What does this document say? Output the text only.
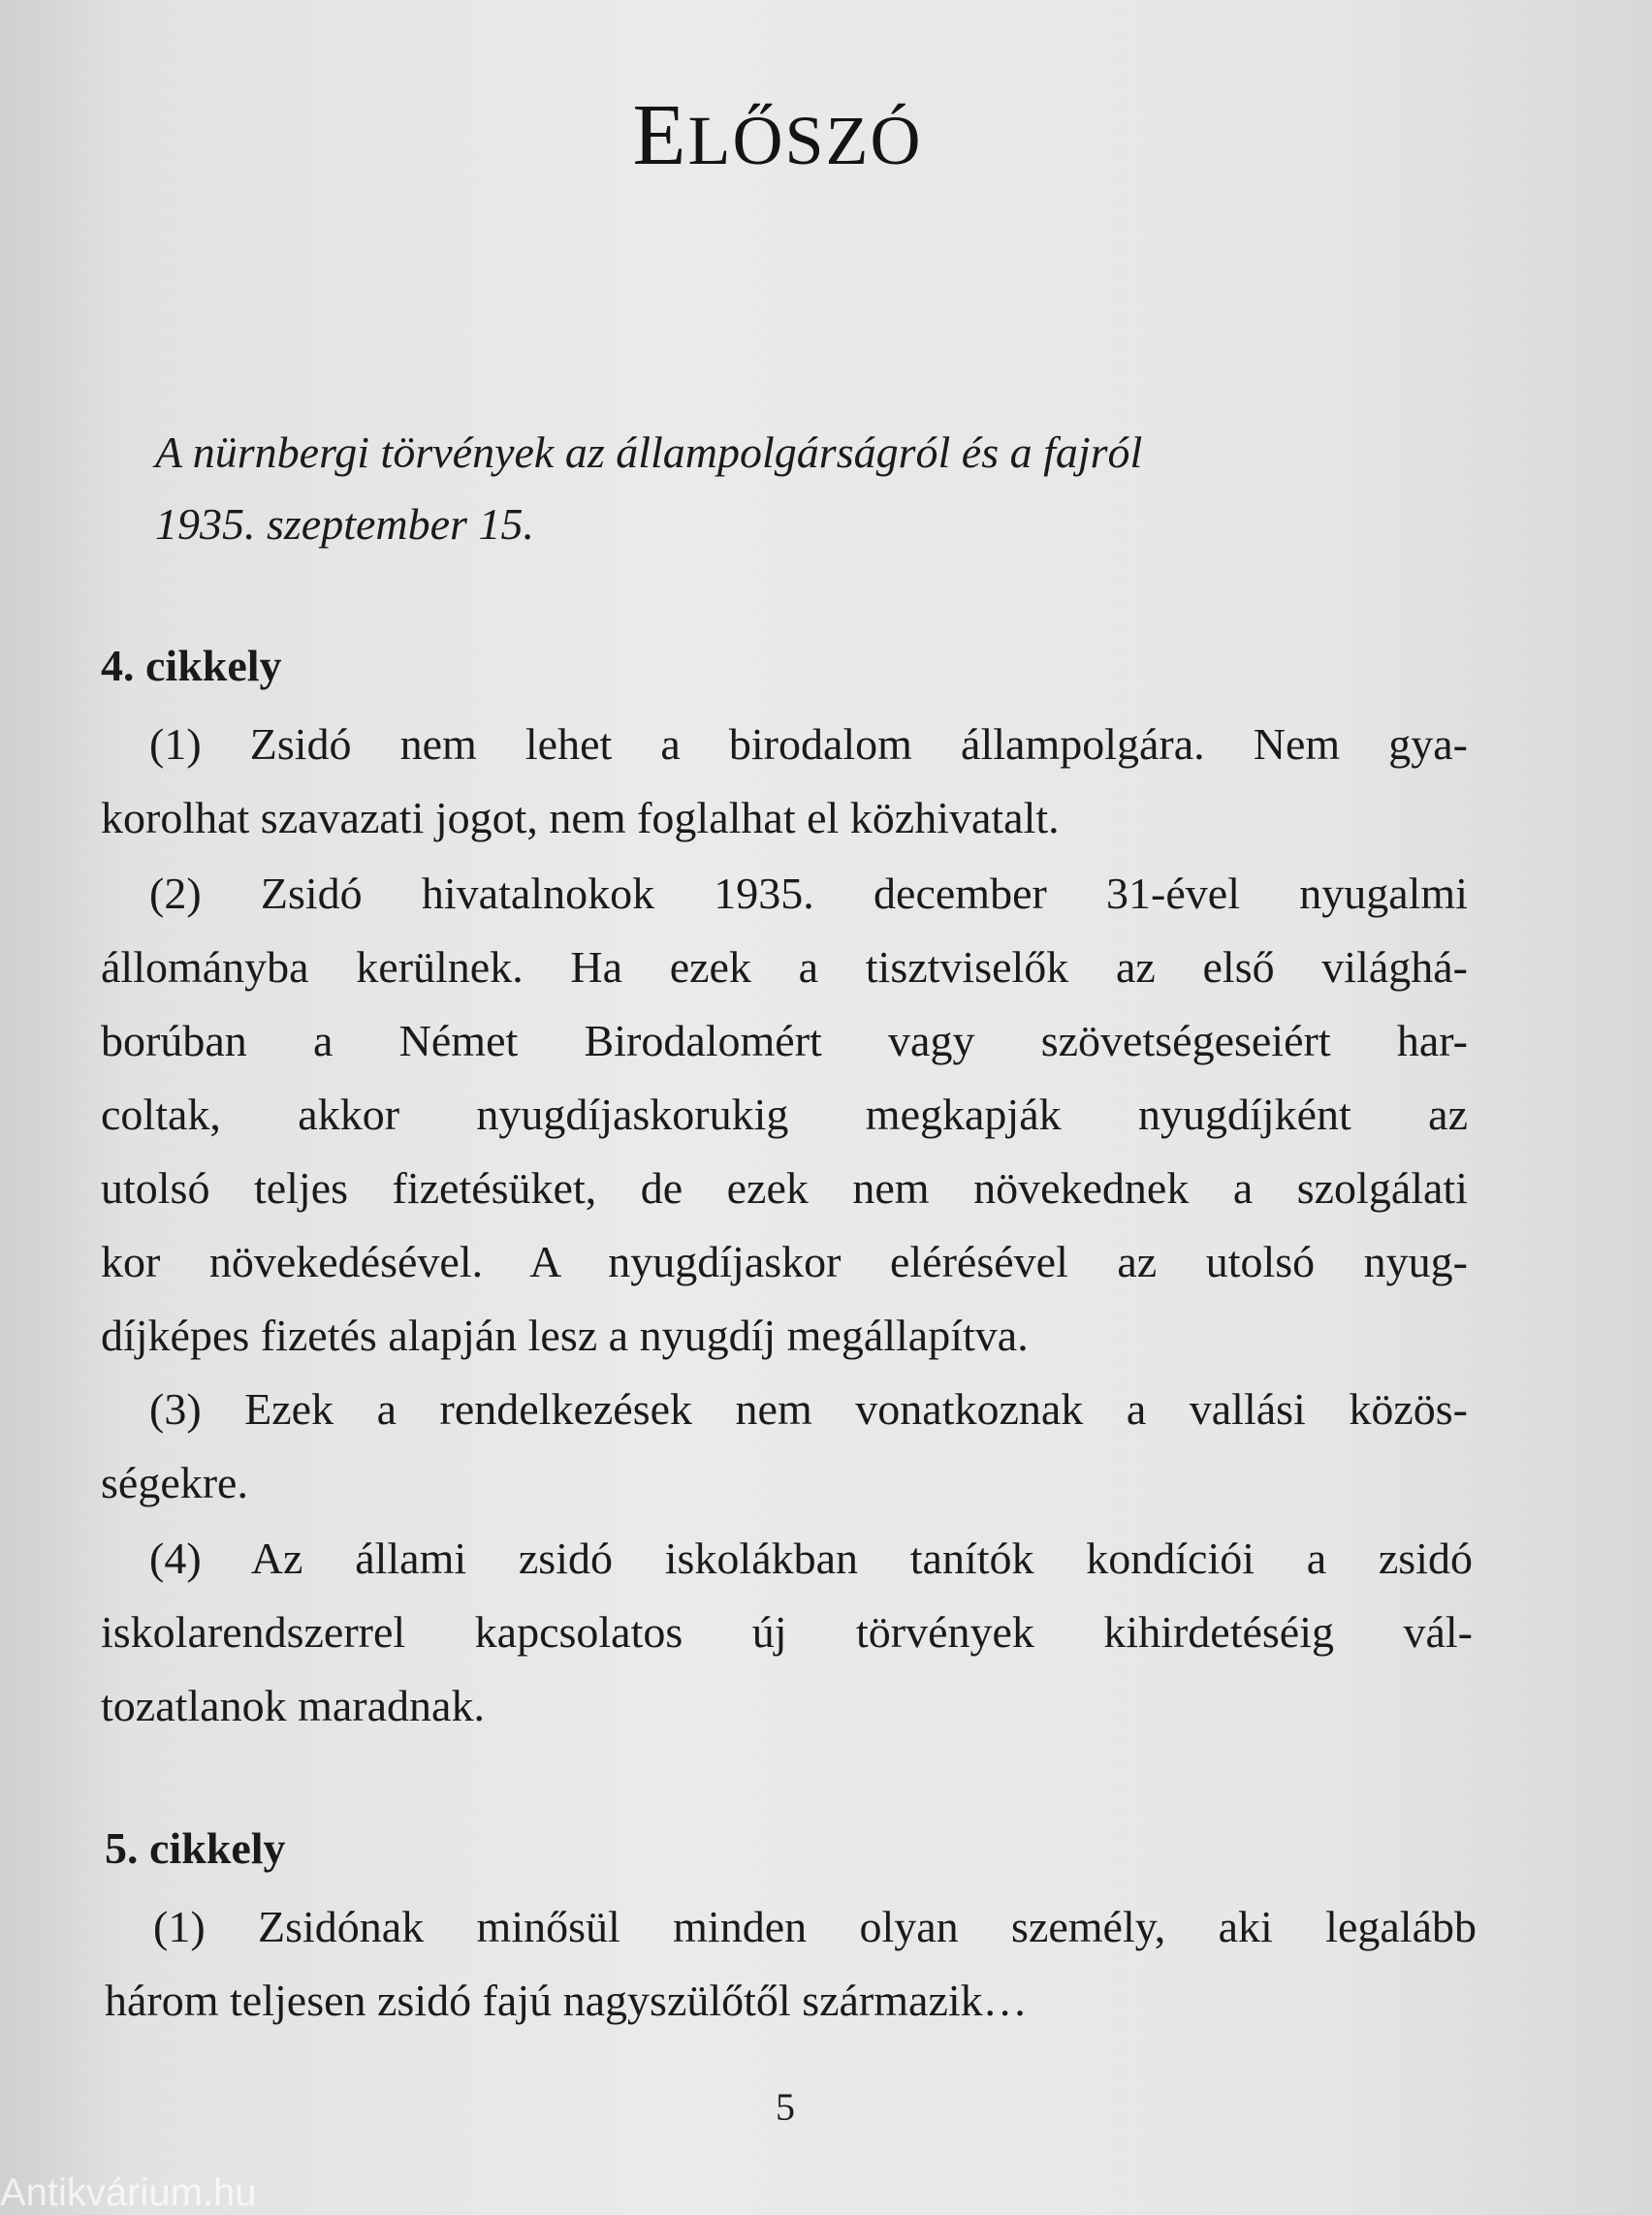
ELŐSZÓ
A nürnbergi törvények az állampolgárságról és a fajról
1935. szeptember 15.
4. cikkely
(1) Zsidó nem lehet a birodalom állampolgára. Nem gya-
korolhat szavazati jogot, nem foglalhat el közhivatalt.
(2) Zsidó hivatalnokok 1935. december 31-ével nyugalmi
állományba kerülnek. Ha ezek a tisztviselők az első világhá-
borúban a Német Birodalomért vagy szövetségeseiért har-
coltak, akkor nyugdíjaskorukig megkapják nyugdíjként az
utolsó teljes fizetésüket, de ezek nem növekednek a szolgálati
kor növekedésével. A nyugdíjaskor elérésével az utolsó nyug-
díjképes fizetés alapján lesz a nyugdíj megállapítva.
(3) Ezek a rendelkezések nem vonatkoznak a vallási közös-
ségekre.
(4) Az állami zsidó iskolákban tanítók kondíciói a zsidó
iskolarendszerrel kapcsolatos új törvények kihirdetéséig vál-
tozatlanok maradnak.
5. cikkely
(1) Zsidónak minősül minden olyan személy, aki legalább
három teljesen zsidó fajú nagyszülőtől származik…
5
Antikvárium.hu
